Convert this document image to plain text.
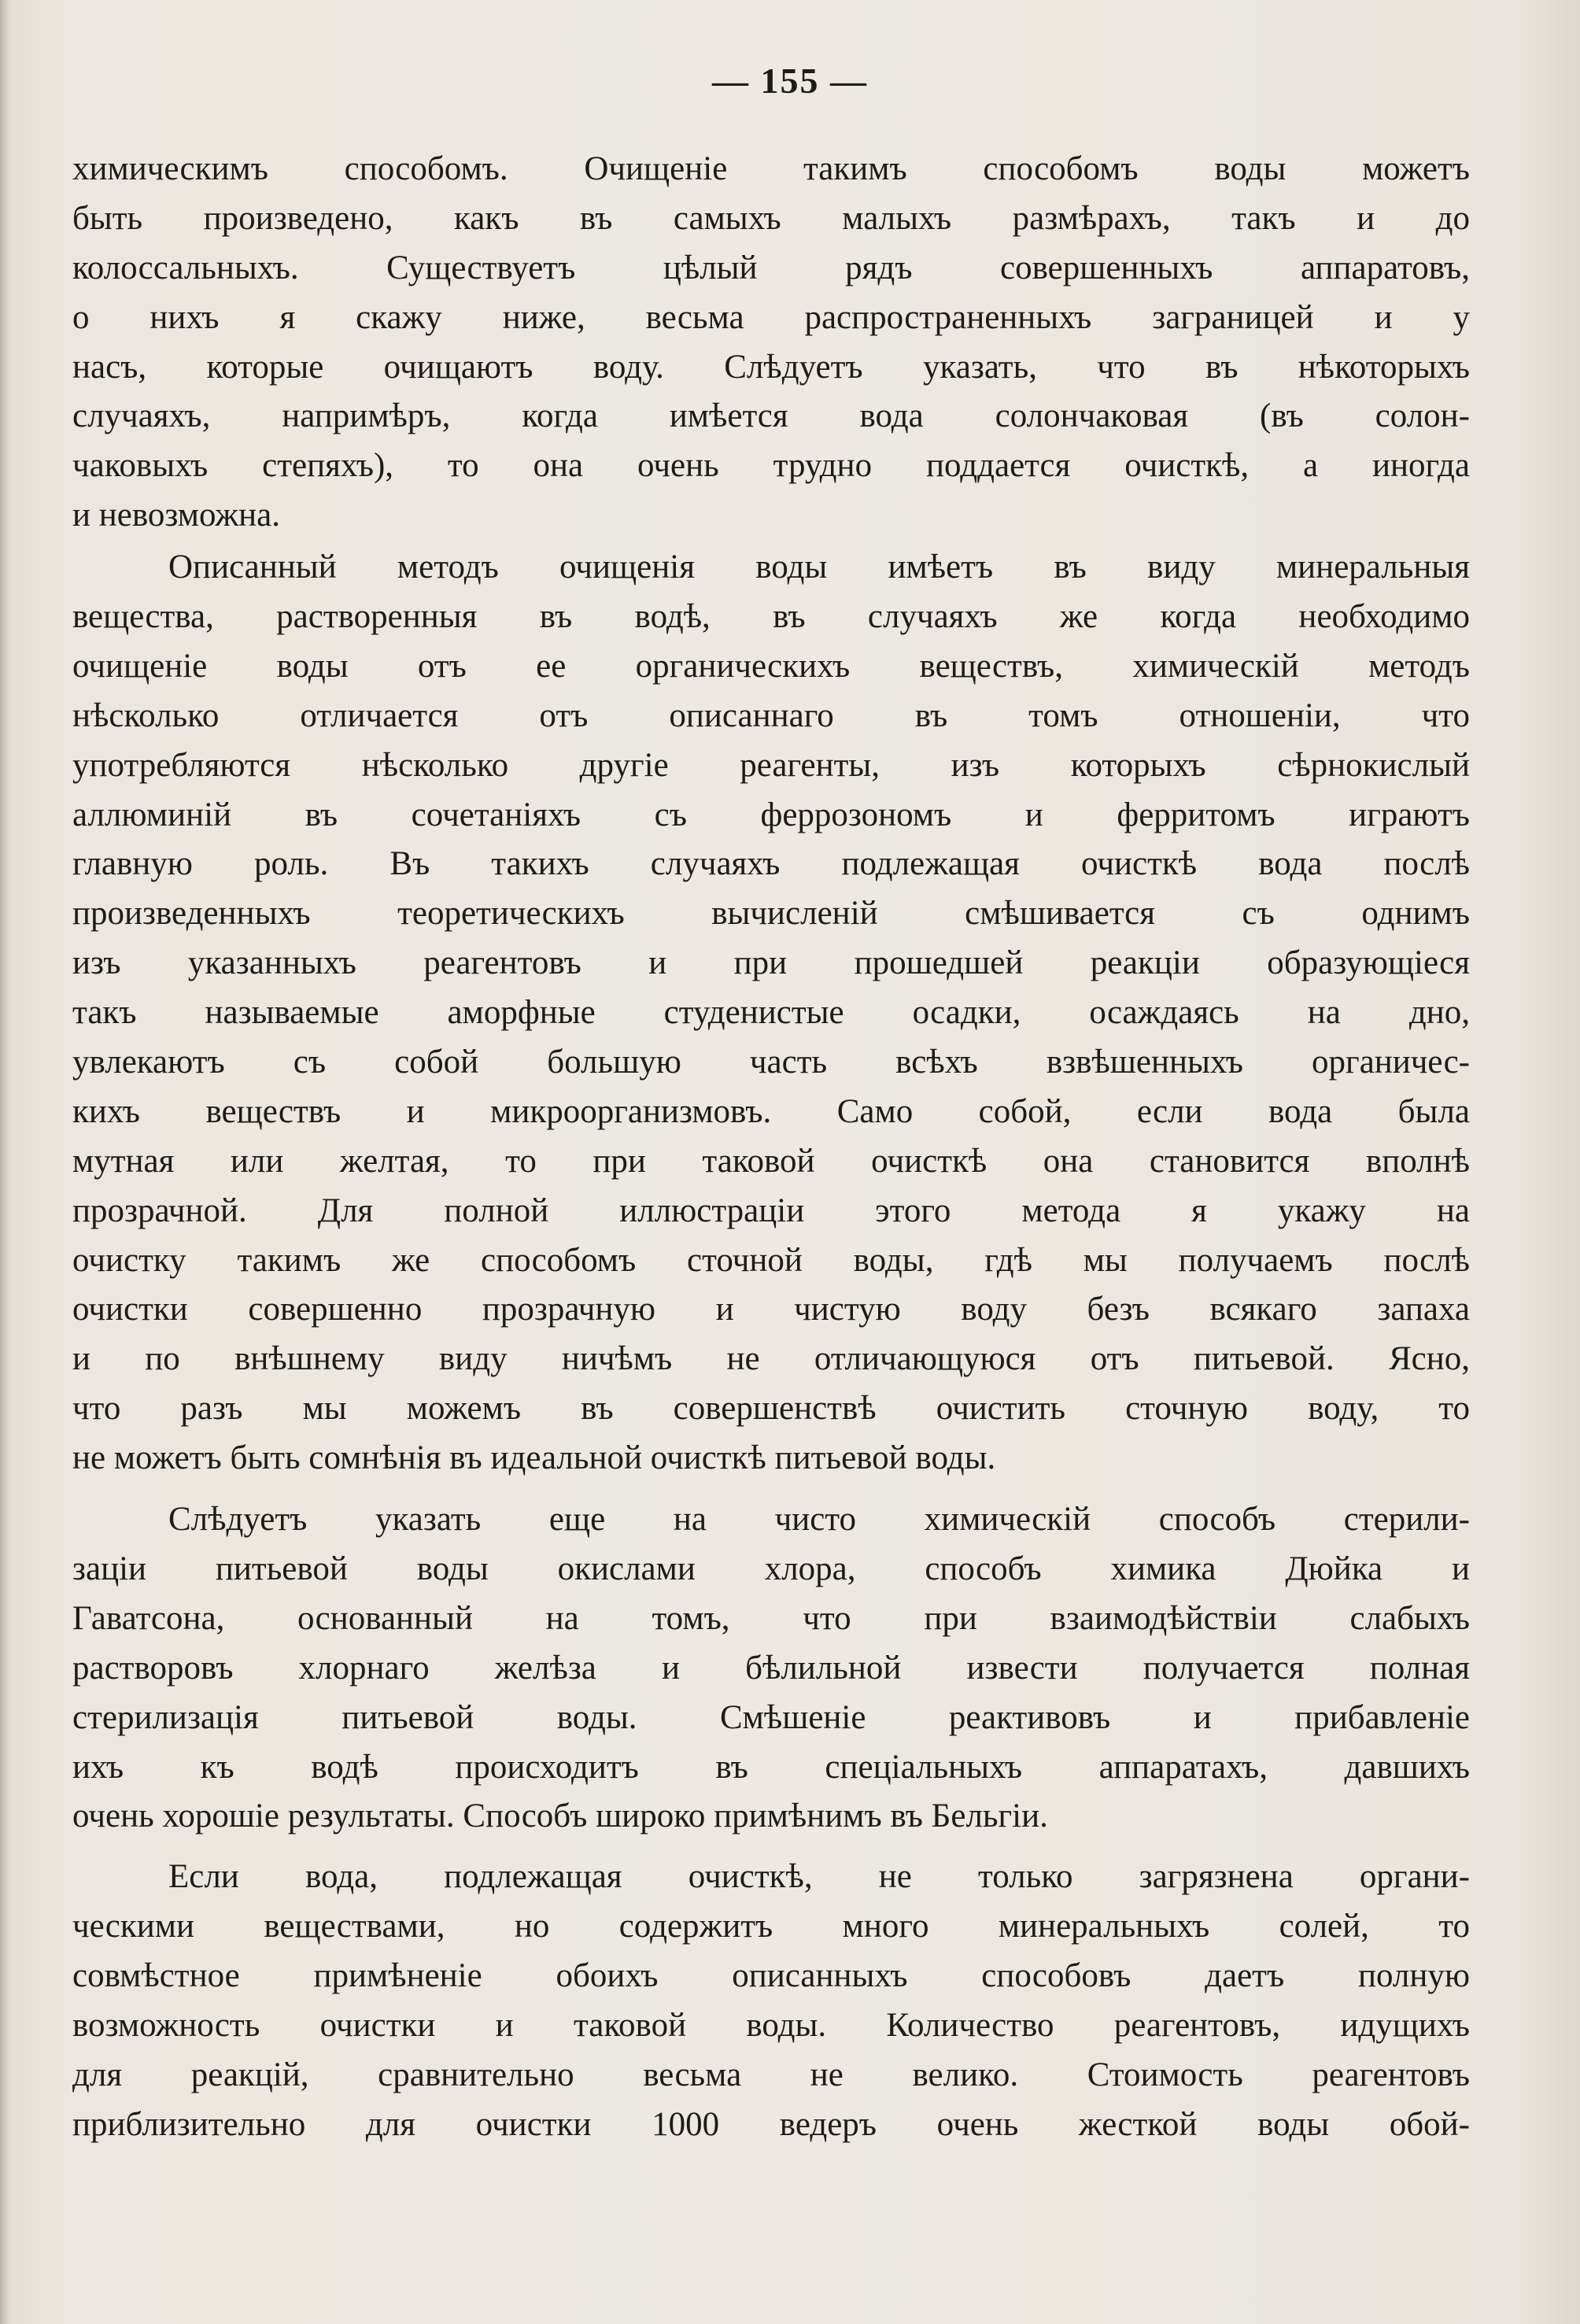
— 155 —
химическимъ способомъ. Очищеніе такимъ способомъ воды можетъ
быть произведено, какъ въ самыхъ малыхъ размѣрахъ, такъ и до
колоссальныхъ. Существуетъ цѣлый рядъ совершенныхъ аппаратовъ,
о нихъ я скажу ниже, весьма распространенныхъ заграницей и у
насъ, которые очищаютъ воду. Слѣдуетъ указать, что въ нѣкоторыхъ
случаяхъ, напримѣръ, когда имѣется вода солончаковая (въ солон-
чаковыхъ степяхъ), то она очень трудно поддается очисткѣ, а иногда
и невозможна.
Описанный методъ очищенія воды имѣетъ въ виду минеральныя
вещества, растворенныя въ водѣ, въ случаяхъ же когда необходимо
очищеніе воды отъ ее органическихъ веществъ, химическій методъ
нѣсколько отличается отъ описаннаго въ томъ отношеніи, что
употребляются нѣсколько другіе реагенты, изъ которыхъ сѣрнокислый
аллюминій въ сочетаніяхъ съ феррозономъ и ферритомъ играютъ
главную роль. Въ такихъ случаяхъ подлежащая очисткѣ вода послѣ
произведенныхъ теоретическихъ вычисленій смѣшивается съ однимъ
изъ указанныхъ реагентовъ и при прошедшей реакціи образующіеся
такъ называемые аморфные студенистые осадки, осаждаясь на дно,
увлекаютъ съ собой большую часть всѣхъ взвѣшенныхъ органичес-
кихъ веществъ и микроорганизмовъ. Само собой, если вода была
мутная или желтая, то при таковой очисткѣ она становится вполнѣ
прозрачной. Для полной иллюстраціи этого метода я укажу на
очистку такимъ же способомъ сточной воды, гдѣ мы получаемъ послѣ
очистки совершенно прозрачную и чистую воду безъ всякаго запаха
и по внѣшнему виду ничѣмъ не отличающуюся отъ питьевой. Ясно,
что разъ мы можемъ въ совершенствѣ очистить сточную воду, то
не можетъ быть сомнѣнія въ идеальной очисткѣ питьевой воды.
Слѣдуетъ указать еще на чисто химическій способъ стерили-
заціи питьевой воды окислами хлора, способъ химика Дюйка и
Гаватсона, основанный на томъ, что при взаимодѣйствіи слабыхъ
растворовъ хлорнаго желѣза и бѣлильной извести получается полная
стерилизація питьевой воды. Смѣшеніе реактивовъ и прибавленіе
ихъ къ водѣ происходитъ въ спеціальныхъ аппаратахъ, давшихъ
очень хорошіе результаты. Способъ широко примѣнимъ въ Бельгіи.
Если вода, подлежащая очисткѣ, не только загрязнена органи-
ческими веществами, но содержитъ много минеральныхъ солей, то
совмѣстное примѣненіе обоихъ описанныхъ способовъ даетъ полную
возможность очистки и таковой воды. Количество реагентовъ, идущихъ
для реакцій, сравнительно весьма не велико. Стоимость реагентовъ
приблизительно для очистки 1000 ведеръ очень жесткой воды обой-
